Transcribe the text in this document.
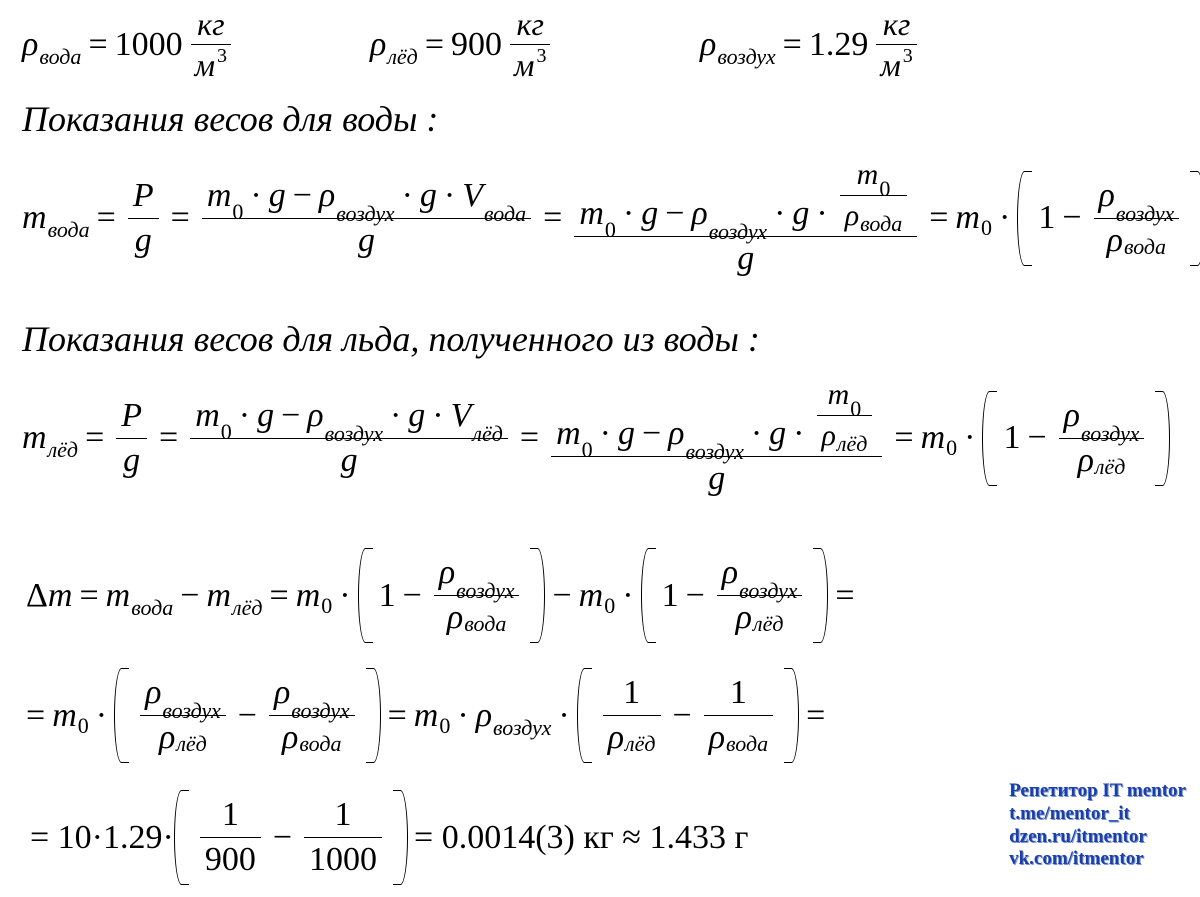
ρ вода = $1000 \frac{кг}{м ^3}$	ρ лёд = $900 \frac{кг}{м ^3}$	ρ воздух = $1.29 \frac{кг}{м ^3}$
Показания весов для воды :
m вода = $\frac{P}{g}$ =
m 0 · g − ρ воздух · g · V вода
g
= m 0 · g − ρ воздух · $g \cdot \frac{m 0}{\text{ρ вода}}$
g
= m $0 \cdot 1 - \frac{\text{ρ воздух}}{\text{ρ вода}}$
Показания весов для льда, полученного из воды :
m лёд = $\frac{P}{g}$ =
m 0 · g − ρ воздух · g · V лёд
g
= m 0 · g − ρ воздух · $g \cdot \frac{m 0}{\text{ρ лёд}}$
g
= m $0 \cdot 1 - \frac{\text{ρ воздух}}{\text{ρ лёд}}$
Δ m = m вода − m лёд = m $0 \cdot 1 - \frac{\text{ρ воздух}}{\text{ρ вода}} - m$ $0 \cdot 1 - \frac{\text{ρ воздух}}{\text{ρ лёд}}$ =
= m $0 \cdot \frac{\text{ρ воздух}}{\text{ρ лёд}} - \frac{\text{ρ воздух}}{\text{ρ вода}} = m$ 0 · ρ воздух · $\frac{1}{\text{ρ лёд}} - \frac{1}{\text{ρ вода}}$ =
= $10\cdot 1.29\cdot \frac{1}{900} - \frac{1}{1000} = 0.0014(3)$ кг ≈ 1.433 г
Репетитор IT mentor
t.me/mentor_it
dzen.ru/itmentor
vk.com/itmentor
